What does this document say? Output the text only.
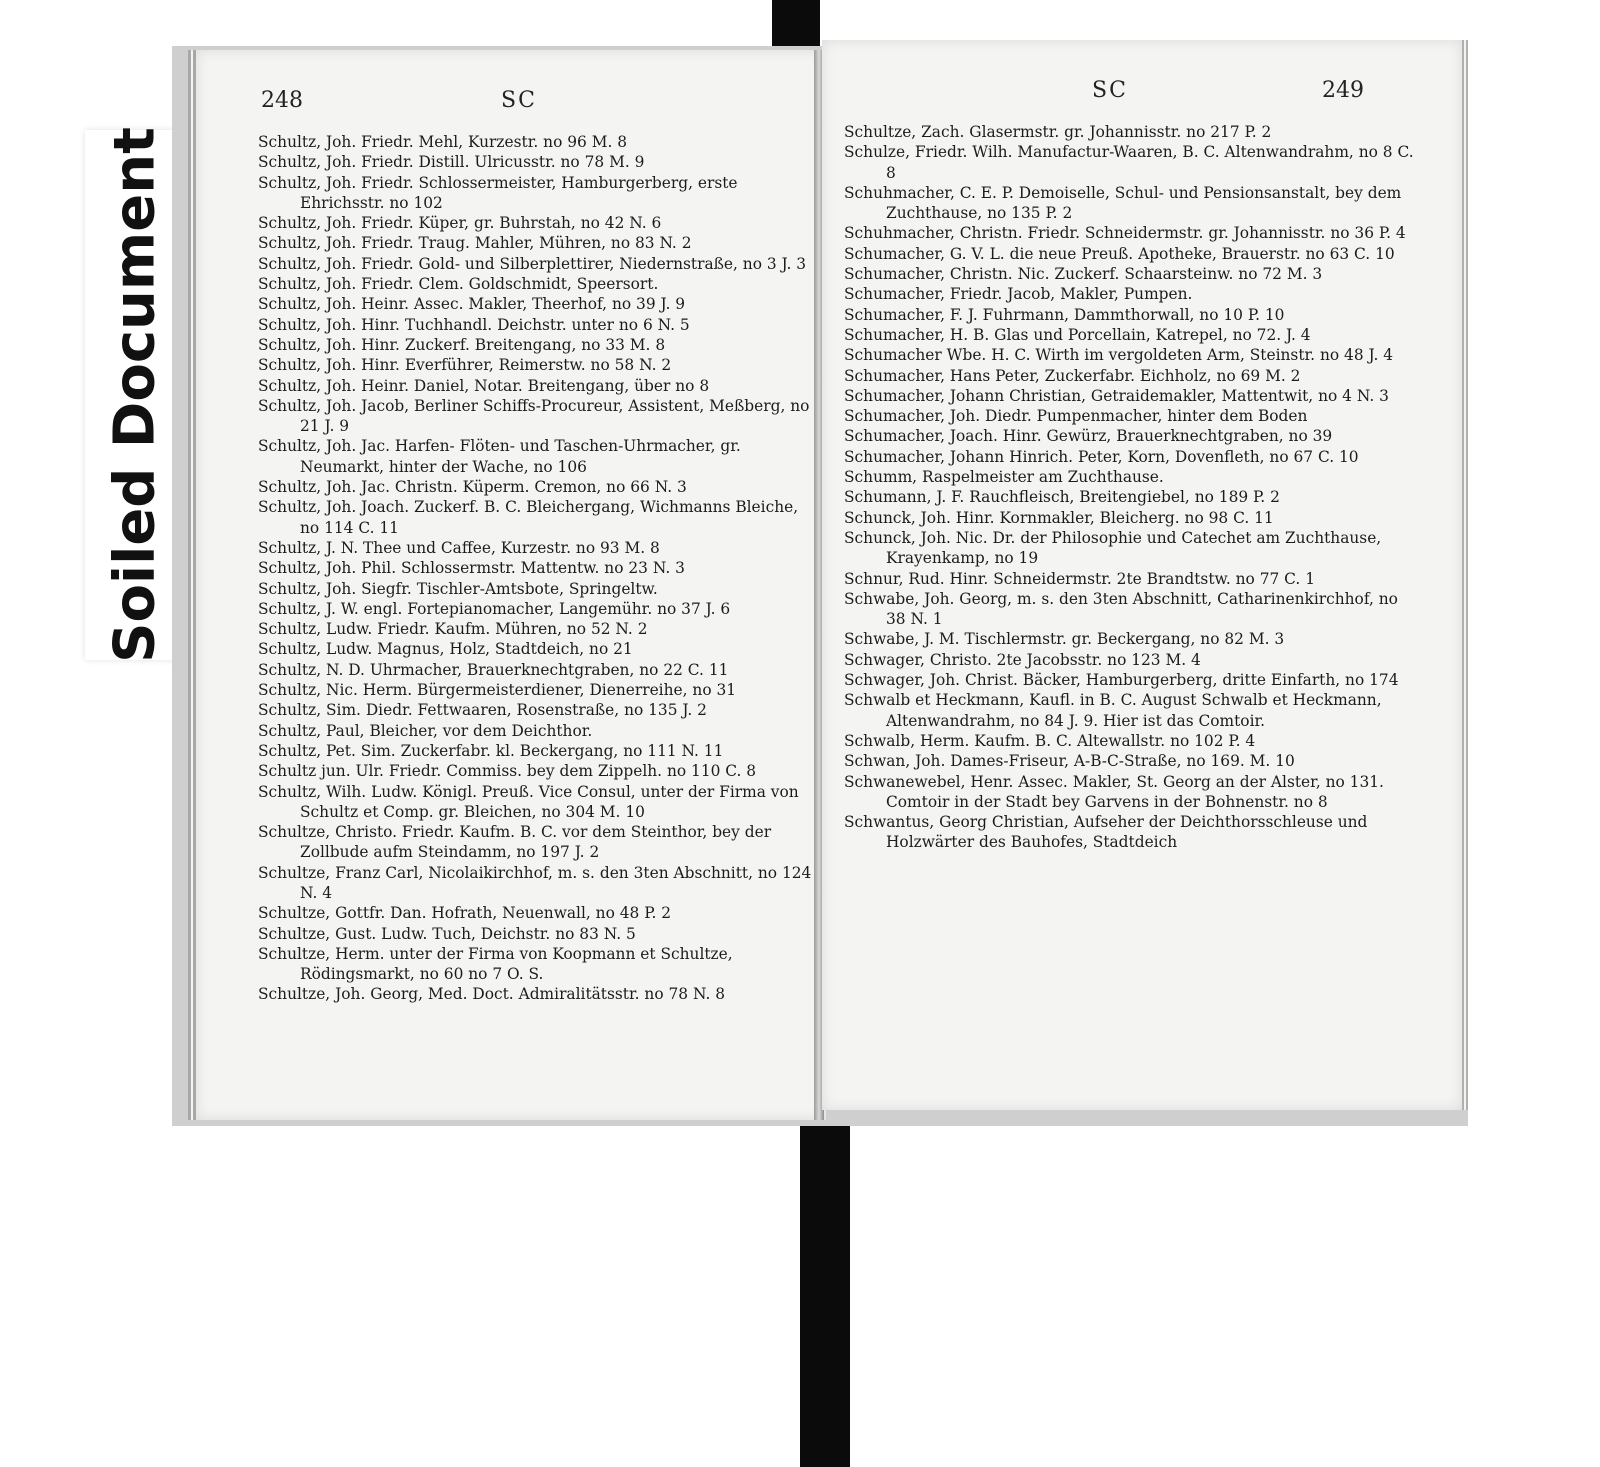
Soiled Document
248	SC
Schultz, Joh. Friedr. Mehl, Kurzestr. no 96 M. 8
Schultz, Joh. Friedr. Distill. Ulricusstr. no 78 M. 9
Schultz, Joh. Friedr. Schlossermeister, Hamburgerberg, erste Ehrichsstr. no 102
Schultz, Joh. Friedr. Küper, gr. Buhrstah, no 42 N. 6
Schultz, Joh. Friedr. Traug. Mahler, Mühren, no 83 N. 2
Schultz, Joh. Friedr. Gold- und Silberplettirer, Niedernstraße, no 3 J. 3
Schultz, Joh. Friedr. Clem. Goldschmidt, Speersort.
Schultz, Joh. Heinr. Assec. Makler, Theerhof, no 39 J. 9
Schultz, Joh. Hinr. Tuchhandl. Deichstr. unter no 6 N. 5
Schultz, Joh. Hinr. Zuckerf. Breitengang, no 33 M. 8
Schultz, Joh. Hinr. Everführer, Reimerstw. no 58 N. 2
Schultz, Joh. Heinr. Daniel, Notar. Breitengang, über no 8
Schultz, Joh. Jacob, Berliner Schiffs-Procureur, Assistent, Meßberg, no 21 J. 9
Schultz, Joh. Jac. Harfen- Flöten- und Taschen-Uhrmacher, gr. Neumarkt, hinter der Wache, no 106
Schultz, Joh. Jac. Christn. Küperm. Cremon, no 66 N. 3
Schultz, Joh. Joach. Zuckerf. B. C. Bleichergang, Wichmanns Bleiche, no 114 C. 11
Schultz, J. N. Thee und Caffee, Kurzestr. no 93 M. 8
Schultz, Joh. Phil. Schlossermstr. Mattentw. no 23 N. 3
Schultz, Joh. Siegfr. Tischler-Amtsbote, Springeltw.
Schultz, J. W. engl. Fortepianomacher, Langemühr. no 37 J. 6
Schultz, Ludw. Friedr. Kaufm. Mühren, no 52 N. 2
Schultz, Ludw. Magnus, Holz, Stadtdeich, no 21
Schultz, N. D. Uhrmacher, Brauerknechtgraben, no 22 C. 11
Schultz, Nic. Herm. Bürgermeisterdiener, Dienerreihe, no 31
Schultz, Sim. Diedr. Fettwaaren, Rosenstraße, no 135 J. 2
Schultz, Paul, Bleicher, vor dem Deichthor.
Schultz, Pet. Sim. Zuckerfabr. kl. Beckergang, no 111 N. 11
Schultz jun. Ulr. Friedr. Commiss. bey dem Zippelh. no 110 C. 8
Schultz, Wilh. Ludw. Königl. Preuß. Vice Consul, unter der Firma von Schultz et Comp. gr. Bleichen, no 304 M. 10
Schultze, Christo. Friedr. Kaufm. B. C. vor dem Steinthor, bey der Zollbude aufm Steindamm, no 197 J. 2
Schultze, Franz Carl, Nicolaikirchhof, m. s. den 3ten Abschnitt, no 124 N. 4
Schultze, Gottfr. Dan. Hofrath, Neuenwall, no 48 P. 2
Schultze, Gust. Ludw. Tuch, Deichstr. no 83 N. 5
Schultze, Herm. unter der Firma von Koopmann et Schultze, Rödingsmarkt, no 60 no 7 O. S.
Schultze, Joh. Georg, Med. Doct. Admiralitätsstr. no 78 N. 8
SC	249
Schultze, Zach. Glasermstr. gr. Johannisstr. no 217 P. 2
Schulze, Friedr. Wilh. Manufactur-Waaren, B. C. Altenwandrahm, no 8 C. 8
Schuhmacher, C. E. P. Demoiselle, Schul- und Pensionsanstalt, bey dem Zuchthause, no 135 P. 2
Schuhmacher, Christn. Friedr. Schneidermstr. gr. Johannisstr. no 36 P. 4
Schumacher, G. V. L. die neue Preuß. Apotheke, Brauerstr. no 63 C. 10
Schumacher, Christn. Nic. Zuckerf. Schaarsteinw. no 72 M. 3
Schumacher, Friedr. Jacob, Makler, Pumpen.
Schumacher, F. J. Fuhrmann, Dammthorwall, no 10 P. 10
Schumacher, H. B. Glas und Porcellain, Katrepel, no 72. J. 4
Schumacher Wbe. H. C. Wirth im vergoldeten Arm, Steinstr. no 48 J. 4
Schumacher, Hans Peter, Zuckerfabr. Eichholz, no 69 M. 2
Schumacher, Johann Christian, Getraidemakler, Mattentwit, no 4 N. 3
Schumacher, Joh. Diedr. Pumpenmacher, hinter dem Boden
Schumacher, Joach. Hinr. Gewürz, Brauerknechtgraben, no 39
Schumacher, Johann Hinrich. Peter, Korn, Dovenfleth, no 67 C. 10
Schumm, Raspelmeister am Zuchthause.
Schumann, J. F. Rauchfleisch, Breitengiebel, no 189 P. 2
Schunck, Joh. Hinr. Kornmakler, Bleicherg. no 98 C. 11
Schunck, Joh. Nic. Dr. der Philosophie und Catechet am Zuchthause, Krayenkamp, no 19
Schnur, Rud. Hinr. Schneidermstr. 2te Brandtstw. no 77 C. 1
Schwabe, Joh. Georg, m. s. den 3ten Abschnitt, Catharinenkirchhof, no 38 N. 1
Schwabe, J. M. Tischlermstr. gr. Beckergang, no 82 M. 3
Schwager, Christo. 2te Jacobsstr. no 123 M. 4
Schwager, Joh. Christ. Bäcker, Hamburgerberg, dritte Einfarth, no 174
Schwalb et Heckmann, Kaufl. in B. C. August Schwalb et Heckmann, Altenwandrahm, no 84 J. 9. Hier ist das Comtoir.
Schwalb, Herm. Kaufm. B. C. Altewallstr. no 102 P. 4
Schwan, Joh. Dames-Friseur, A-B-C-Straße, no 169. M. 10
Schwanewebel, Henr. Assec. Makler, St. Georg an der Alster, no 131. Comtoir in der Stadt bey Garvens in der Bohnenstr. no 8
Schwantus, Georg Christian, Aufseher der Deichthorsschleuse und Holzwärter des Bauhofes, Stadtdeich
